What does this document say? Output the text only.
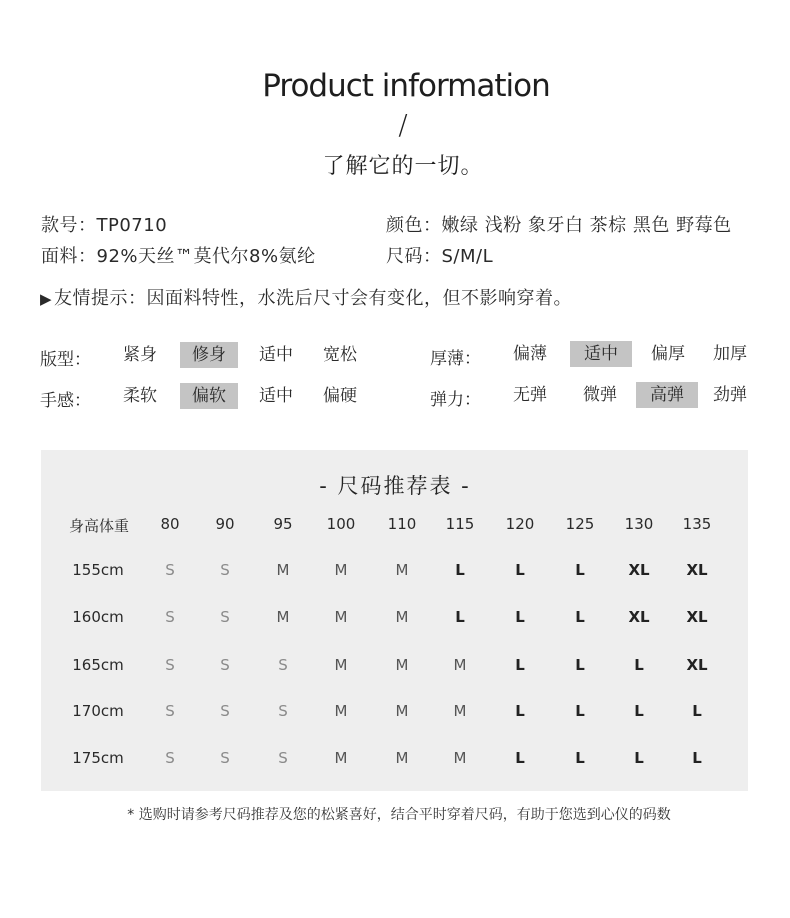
Product information
/
了解它的一切。
款号：TP0710	颜色：嫩绿 浅粉 象牙白 茶棕 黑色 野莓色
面料：92%天丝™莫代尔8%氨纶	尺码：S/M/L
▶ 友情提示：因面料特性，水洗后尺寸会有变化，但不影响穿着。
版型： 紧身	修身	适中 宽松	厚薄： 偏薄	适中	偏厚 加厚
手感： 柔软	偏软	适中 偏硬	弹力： 无弹 微弹	高弹	劲弹
- 尺码推荐表 -
身高体重	80	90	95	100	110	115	120	125	130	135
155cm	S	S	M	M	M	L	L	L	XL	XL
160cm	S	S	M	M	M	L	L	L	XL	XL
165cm	S	S	S	M	M	M	L	L	L	XL
170cm	S	S	S	M	M	M	L	L	L	L
175cm	S	S	S	M	M	M	L	L	L	L
* 选购时请参考尺码推荐及您的松紧喜好，结合平时穿着尺码，有助于您选到心仪的码数
